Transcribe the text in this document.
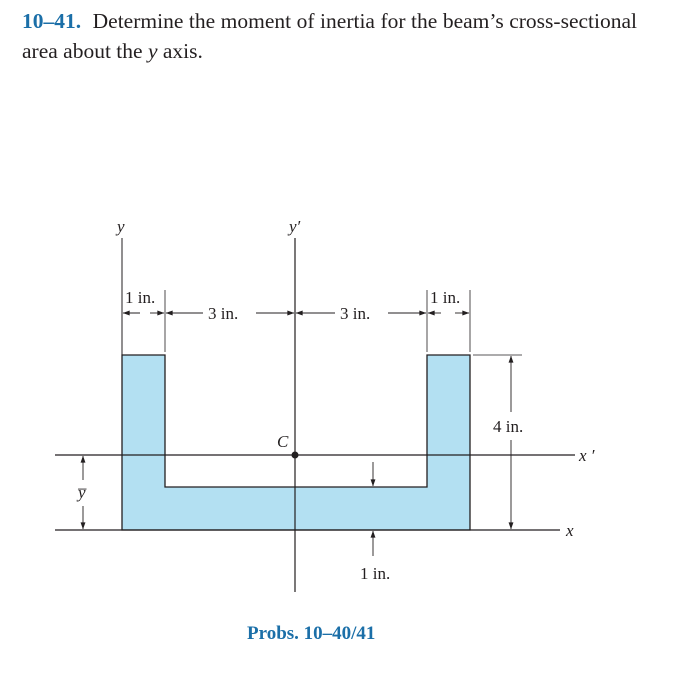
10–41. Determine the moment of inertia for the beam’s cross-sectional area about the y axis.
y	y′
x ′
x
C
1 in.
3 in.	3 in.
1 in.
4 in.
1 in.
y̅
Probs. 10–40/41
